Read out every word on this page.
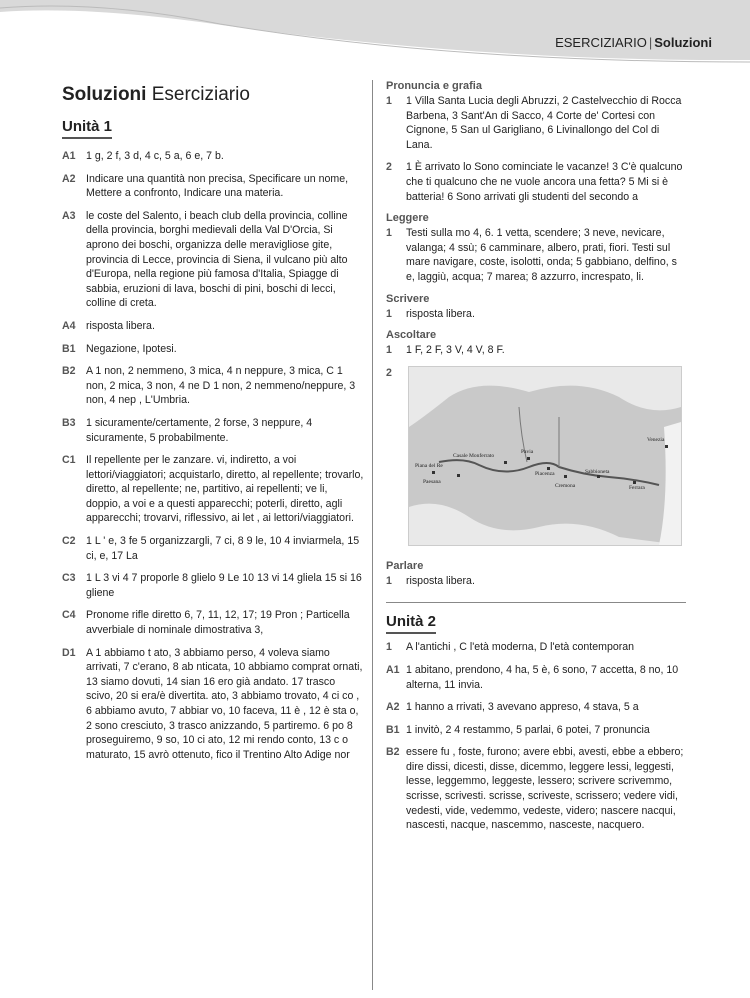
ESERCIZIARIO | Soluzioni
Soluzioni Eserciziario
Unità 1
A1 1 g, 2 f, 3 d, 4 c, 5 a, 6 e, 7 b.

A2 Indicare una quantità non precisa, Specificare un nome, Mettere a confronto, Indicare una materia.

A3 le coste del Salento, i beach club della provincia, colline della provincia, borghi medievali della Val D'Orcia, Si aprono dei boschi, organizza delle meravigliose gite, provincia di Lecce, provincia di Siena, il vulcano più alto d'Europa, nella regione più famosa d'Italia, Spiagge di sabbia, eruzioni di lava, boschi di pini, boschi di lecci, colline di creta.

A4 risposta libera.

B1 Negazione, Ipotesi.

B2 A 1 non, 2 nemmeno, 3 mica, 4 n neppure, 3 mica, C 1 non, 2 mica, 3 non, 4 ne D 1 non, 2 nemmeno/neppure, 3 non, 4 nep , L'Umbria.

B3 1 sicuramente/certamente, 2 forse, 3 neppure, 4 sicuramente, 5 probabilmente.

C1 Il repellente per le zanzare. vi, indiretto, a voi lettori/viaggiatori; acquistarlo, diretto, al repellente; trovarlo, diretto, al repellente; ne, partitivo, ai repellenti; ve li, doppio, a voi e a questi apparecchi; poterli, diretto, agli apparecchi; trovarvi, riflessivo, ai let , ai lettori/viaggiatori.

C2 1 L ' e, 3 fe 5 organizzargli, 7 ci, 8 9 le, 10 4 inviarmela, 15 ci, e, 17 La

C3 1 L 3 vi 4 7 proporle 8 glielo 9 Le 10 13 vi 14 gliela 15 si 16 gliene

C4 Pronome rifle diretto 6, 7, 11, 12, 17; 19 Pron ; Particella avverbiale di nominale dimostrativa 3,

D1 A 1 abbiamo t ato, 3 abbiamo perso, 4 voleva siamo arrivati, 7 c'erano, 8 ab nticata, 10 abbiamo comprat ornati, 13 siamo dovuti, 14 sian 16 ero già andato. 17 trasco scivo, 20 si era/è divertita. ato, 3 abbiamo trovato, 4 ci co , 6 abbiamo avuto, 7 abbiar vo, 10 faceva, 11 è , 12 è sta o, 2 sono cresciuto, 3 trasco anizzando, 5 partiremo. 6 po 8 proseguiremo, 9 so, 10 ci ato, 12 mi rendo conto, 13 c o maturato, 15 avrò ottenuto, fico il Trentino Alto Adige nor

Pronuncia e grafia
1 1 Villa Santa Lucia degli Abruzzi, 2 Castelvecchio di Rocca Barbena, 3 Sant'An di Sacco, 4 Corte de' Cortesi con Cignone, 5 San ul Garigliano, 6 Livinallongo del Col di Lana.

2 1 È arrivato lo Sono cominciate le vacanze! 3 C'è qualcuno che ti qualcuno che ne vuole ancora una fetta? 5 Mi si è batteria! 6 Sono arrivati gli studenti del secondo a

Leggere
1 Testi sulla mo 4, 6. 1 vetta, scendere; 3 neve, nevicare, valanga; 4 ssù; 6 camminare, albero, prati, fiori. Testi sul mare navigare, coste, isolotti, onda; 5 gabbiano, delfino, s e, laggiù, acqua; 7 marea; 8 azzurro, increspato, li.

Scrivere
1 risposta libera.

Ascoltare
1 1 F, 2 F, 3 V, 4 V, 8 F.

2

Piana del Re
Paesana
Casale Monferrato
Pavia
Piacenza
Cremona
Sabbioneta
Ferrara
Venezia
Parlare
1 risposta libera.

Unità 2
1 A l'antichi , C l'età moderna, D l'età contemporan

A1 1 abitano, prendono, 4 ha, 5 è, 6 sono, 7 accetta, 8 no, 10 alterna, 11 invia.

A2 1 hanno a rrivati, 3 avevano appreso, 4 stava, 5 a

B1 1 invitò, 2 4 restammo, 5 parlai, 6 potei, 7 pronuncia

B2 essere fu , foste, furono; avere ebbi, avesti, ebbe a ebbero; dire dissi, dicesti, disse, dicemmo, leggere lessi, leggesti, lesse, leggemmo, leggeste, lessero; scrivere scrivemmo, scrisse, scrivesti. scrisse, scriveste, scrissero; vedere vidi, vedesti, vide, vedemmo, vedeste, videro; nascere nacqui, nascesti, nacque, nascemmo, nasceste, nacquero.
